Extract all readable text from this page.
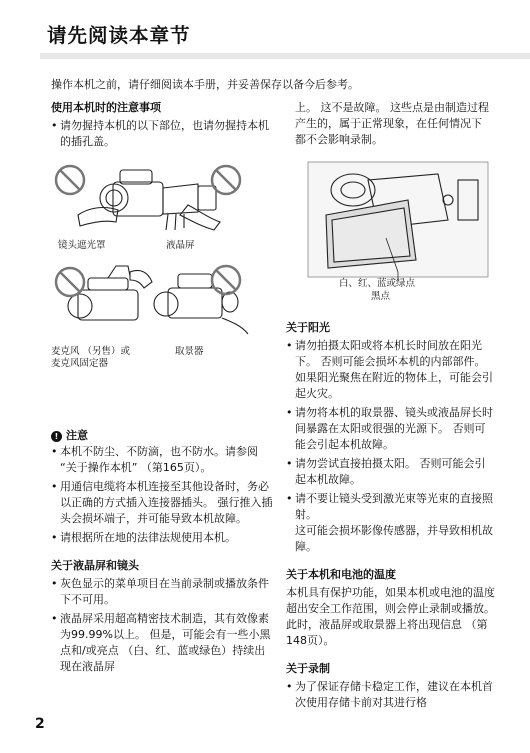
请先阅读本章节
操作本机之前，请仔细阅读本手册，并妥善保存以备今后参考。
使用本机时的注意事项
• 请勿握持本机的以下部位，也请勿握持本机的插孔盖。
镜头遮光罩	液晶屏
麦克风 （另售）或
麦克风固定器
取景器
! 注意
• 本机不防尘、不防滴，也不防水。请参阅 “关于操作本机” （第165页）。
• 用通信电缆将本机连接至其他设备时，务必以正确的方式插入连接器插头。 强行推入插头会损坏端子，并可能导致本机故障。
• 请根据所在地的法律法规使用本机。
关于液晶屏和镜头
• 灰色显示的菜单项目在当前录制或播放条件下不可用。
• 液晶屏采用超高精密技术制造，其有效像素为99.99%以上。 但是，可能会有一些小黑点和/或亮点 （白、红、蓝或绿色）持续出现在液晶屏
上。 这不是故障。 这些点是由制造过程产生的，属于正常现象，在任何情况下都不会影响录制。
白、红、蓝或绿点
黑点
关于阳光
• 请勿拍摄太阳或将本机长时间放在阳光下。 否则可能会损坏本机的内部部件。 如果阳光聚焦在附近的物体上，可能会引起火灾。
• 请勿将本机的取景器、镜头或液晶屏长时间暴露在太阳或很强的光源下。 否则可能会引起本机故障。
• 请勿尝试直接拍摄太阳。 否则可能会引起本机故障。
• 请不要让镜头受到激光束等光束的直接照射。
这可能会损坏影像传感器，并导致相机故障。
关于本机和电池的温度
本机具有保护功能，如果本机或电池的温度超出安全工作范围，则会停止录制或播放。 此时，液晶屏或取景器上将出现信息 （第148页）。
关于录制
• 为了保证存储卡稳定工作，建议在本机首次使用存储卡前对其进行格
2
